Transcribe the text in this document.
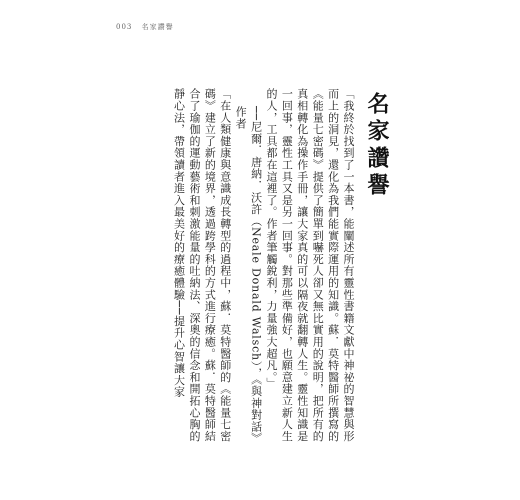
003 名家讚譽
名家讚譽

「我終於找到了一本書，能闡述所有靈性書籍文獻中神祕的智慧與形而上的洞見，還化為我們能實際運用的知識。蘇．莫特醫師所撰寫的《能量七密碼》提供了簡單到嚇死人卻又無比實用的說明，把所有的真相轉化為操作手冊，讓大家真的可以隔夜就翻轉人生。靈性知識是一回事，靈性工具又是另一回事。對那些準備好，也願意建立新人生的人，工具都在這裡了。作者筆觸銳利，力量強大超凡。」
──尼爾．唐納．沃許（Neale Donald Walsch），《與神對話》作者

「在人類健康與意識成長轉型的過程中，蘇．莫特醫師的《能量七密碼》建立了新的境界，透過跨學科的方式進行療癒。蘇．莫特醫師結合了瑜伽的運動藝術和刺激能量的吐納法、深奧的信念和開拓心胸的靜心法，帶領讀者進入最美好的療癒體驗──提升心智讓大家
